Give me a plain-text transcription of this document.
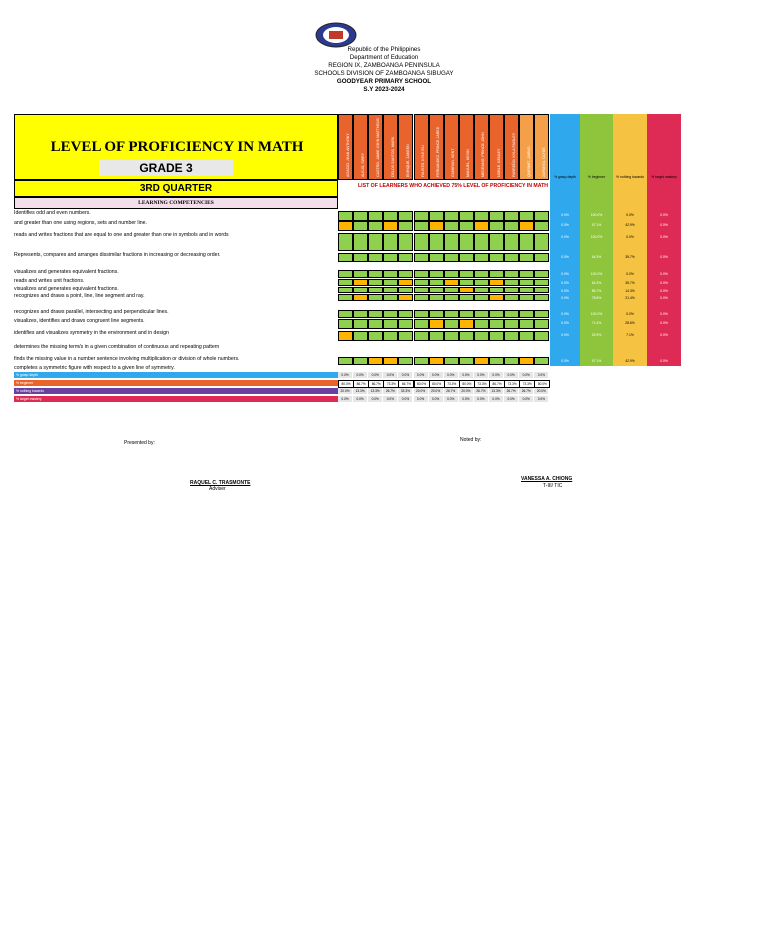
Republic of the Philippines
Department of Education
REGION IX, ZAMBOANGA PENINSULA
SCHOOLS DIVISION OF ZAMBOANGA SIBUGAY
GOODYEAR PRIMARY SCHOOL
S.Y 2023-2024
LEVEL OF PROFICIENCY IN MATH
GRADE 3
3RD QUARTER
LEARNING COMPETENCIES
LIST OF LEARNERS WHO ACHIEVED 75% LEVEL OF PROFICIENCY IN MATH
AGACIO, JHAN ANTHONY	ALEJO, SWEY	CASTRO, JAMIE JOHN MATTHEUS	DELOS SANTOS, MARK	ENRIQUE, ZAKEEN	FAUSTO, KYLE ELI	FERNANDEZ, PRINCE JARED	GUMIRAN, KENT	MANUEL, KEVIN	MEDRANO, PRINCE JOHN	NOBLE, KENLEY	PARREÑO, KYLA PAISLEY	QUIRIMIT, JAIRUS	ZAPANTA, CLYDE	% grasp depth	% beginner	% nothing towards	% target mastery
Identifies odd and even numbers.	0.0%	100.0%	0.0%	0.0%
and greater than one using regions, sets and number line.	0.0%	57.1%	42.9%	0.0%
reads and writes fractions that are equal to one and greater than one in symbols and in words	0.0%	100.0%	0.0%	0.0%
Represents, compares and arranges dissimilar fractions in increasing or decreasing order.	0.0%	64.3%	35.7%	0.0%
visualizes and generates equivalent fractions.	0.0%	100.0%	0.0%	0.0%
reads and writes unit fractions.	0.0%	64.3%	35.7%	0.0%
visualizes and generates equivalent fractions.	0.0%	85.7%	14.3%	0.0%
recognizes and draws a point, line, line segment and ray.	0.0%	78.6%	21.4%	0.0%
recognizes and draws parallel, intersecting and perpendicular lines.	0.0%	100.0%	0.0%	0.0%
visualizes, identifies and draws congruent line segments.	0.0%	71.4%	28.6%	0.0%
identifies and visualizes symmetry in the environment and in design	0.0%	92.9%	7.1%	0.0%
determines the missing term/s in a given combination of continuous and repeating pattern
finds the missing value in a number sentence involving multiplication or division of whole numbers.	0.0%	57.1%	42.9%	0.0%
completes a symmetric figure with respect to a given line of symmetry.
% grasp depth	0.0%	0.0%	0.0%	0.0%	0.0%	0.0%	0.0%	0.0%	0.0%	0.0%	0.0%	0.0%	0.0%	0.0%
% beginner	80.0%	86.7%	86.7%	73.3%	66.7%	80.0%	80.0%	73.3%	80.0%	73.3%	86.7%	73.3%	73.3%	80.0%
% nothing towards	20.0%	13.3%	13.3%	26.7%	33.3%	20.0%	20.0%	26.7%	20.0%	26.7%	13.3%	26.7%	26.7%	20.0%
% target mastery	0.0%	0.0%	0.0%	0.0%	0.0%	0.0%	0.0%	0.0%	0.0%	0.0%	0.0%	0.0%	0.0%	0.0%
Presented by:	Noted by:
RAQUEL C. TRASMONTE
Adviser
VANESSA A. CHIONG
T-III/ TIC
